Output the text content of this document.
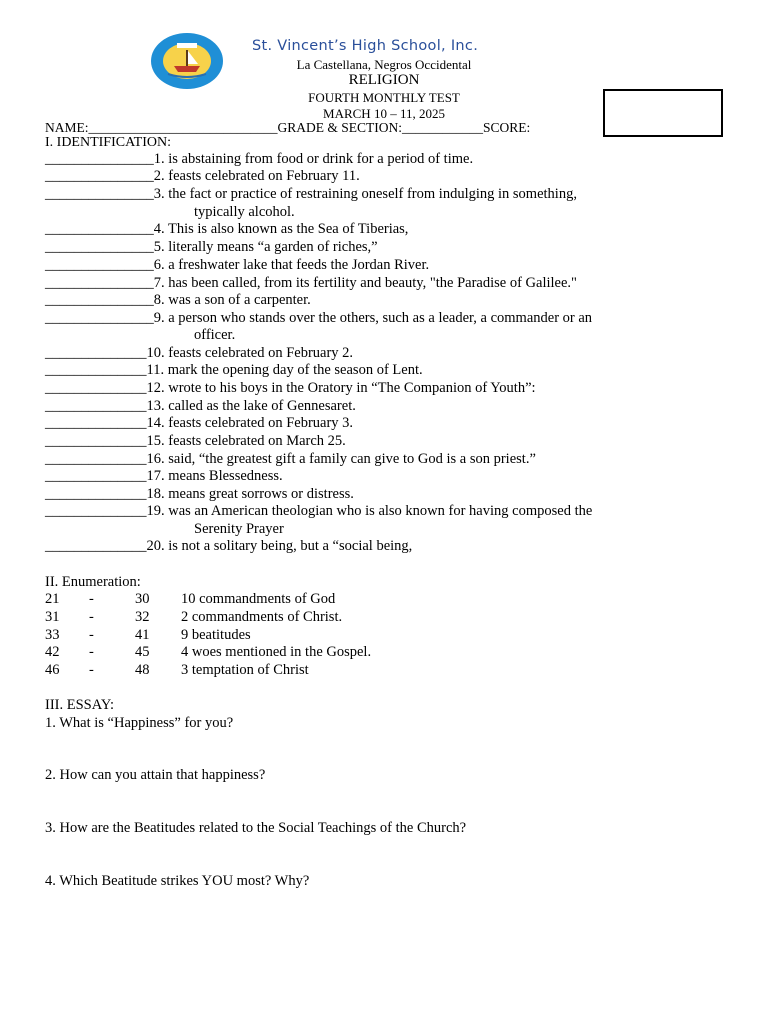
St. Vincent’s High School, Inc.
La Castellana, Negros Occidental
RELIGION
FOURTH MONTHLY TEST
MARCH 10 – 11, 2025
NAME:____________________________GRADE & SECTION:____________SCORE:
I. IDENTIFICATION:
_______________1. is abstaining from food or drink for a period of time.
_______________2. feasts celebrated on February 11.
_______________3. the fact or practice of restraining oneself from indulging in something,
typically alcohol.
_______________4. This is also known as the Sea of Tiberias,
_______________5. literally means “a garden of riches,”
_______________6. a freshwater lake that feeds the Jordan River.
_______________7. has been called, from its fertility and beauty, "the Paradise of Galilee."
_______________8. was a son of a carpenter.
_______________9. a person who stands over the others, such as a leader, a commander or an
officer.
______________10. feasts celebrated on February 2.
______________11. mark the opening day of the season of Lent.
______________12. wrote to his boys in the Oratory in “The Companion of Youth”:
______________13. called as the lake of Gennesaret.
______________14. feasts celebrated on February 3.
______________15. feasts celebrated on March 25.
______________16. said, “the greatest gift a family can give to God is a son priest.”
______________17. means Blessedness.
______________18. means great sorrows or distress.
______________19. was an American theologian who is also known for having composed the
Serenity Prayer
______________20. is not a solitary being, but a “social being,
II. Enumeration:
21 -	30 10 commandments of God
31 -	32 2 commandments of Christ.
33 -	41 9 beatitudes
42 -	45 4 woes mentioned in the Gospel.
46 -	48 3 temptation of Christ
III. ESSAY:
1. What is “Happiness” for you?
2. How can you attain that happiness?
3. How are the Beatitudes related to the Social Teachings of the Church?
4. Which Beatitude strikes YOU most? Why?
